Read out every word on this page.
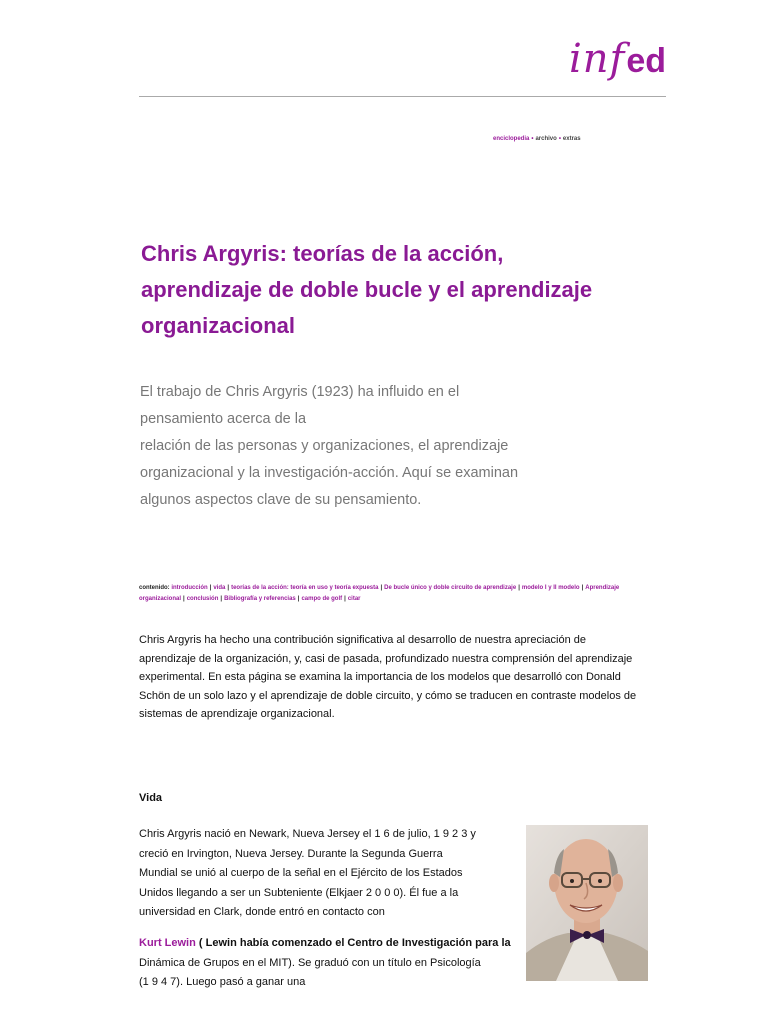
inf ed
enciclopedia • archivo • extras
Chris Argyris: teorías de la acción, aprendizaje de doble bucle y el aprendizaje organizacional
El trabajo de Chris Argyris (1923) ha influido en el
pensamiento acerca de la
relación de las personas y organizaciones, el aprendizaje
organizacional y la investigación-acción. Aquí se examinan
algunos aspectos clave de su pensamiento.
contenido: introducción | vida | teorías de la acción: teoría en uso y teoría expuesta | De bucle único y doble circuito de aprendizaje | modelo I y II modelo | Aprendizaje organizacional | conclusión | Bibliografía y referencias | campo de golf | citar
Chris Argyris ha hecho una contribución significativa al desarrollo de nuestra apreciación de
aprendizaje de la organización, y, casi de pasada, profundizado nuestra comprensión del aprendizaje
experimental. En esta página se examina la importancia de los modelos que desarrolló con Donald
Schön de un solo lazo y el aprendizaje de doble circuito, y cómo se traducen en contraste modelos de
sistemas de aprendizaje organizacional.
Vida
Chris Argyris nació en Newark, Nueva Jersey el 1 6 de julio, 1 9 2 3 y
creció en Irvington, Nueva Jersey. Durante la Segunda Guerra
Mundial se unió al cuerpo de la señal en el Ejército de los Estados
Unidos llegando a ser un Subteniente (Elkjaer 2 0 0 0). Él fue a la
universidad en Clark, donde entró en contacto con
Kurt Lewin ( Lewin había comenzado el Centro de Investigación para la
Dinámica de Grupos en el MIT). Se graduó con un título en Psicología
(1 9 4 7). Luego pasó a ganar una
